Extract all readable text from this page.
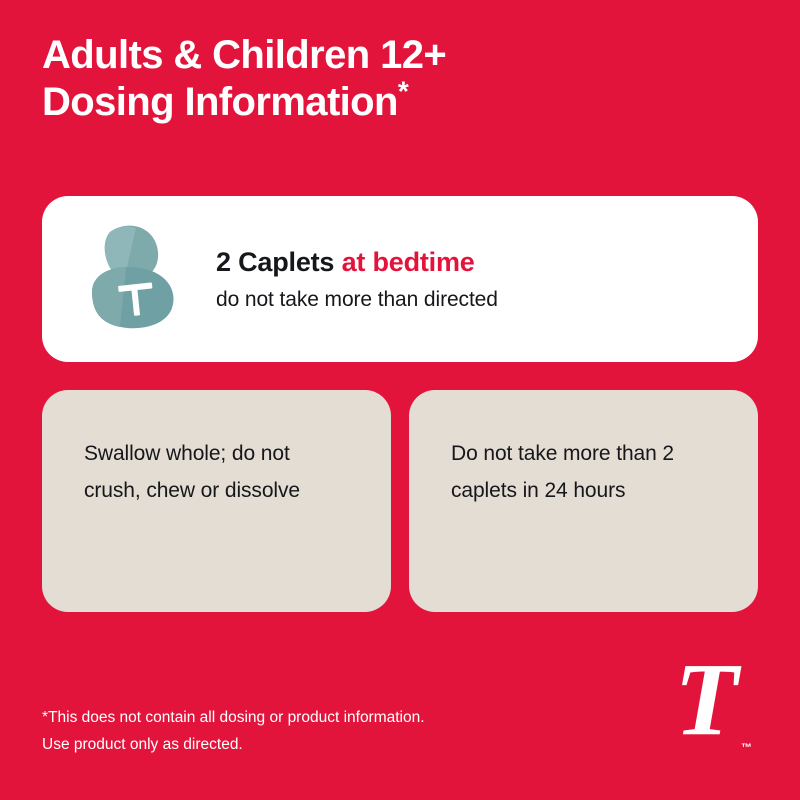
Adults & Children 12+
Dosing Information*
2 Caplets at bedtime
do not take more than directed

Swallow whole; do not crush, chew or dissolve

Do not take more than 2 caplets in 24 hours

*This does not contain all dosing or product information.
Use product only as directed.	T ™
